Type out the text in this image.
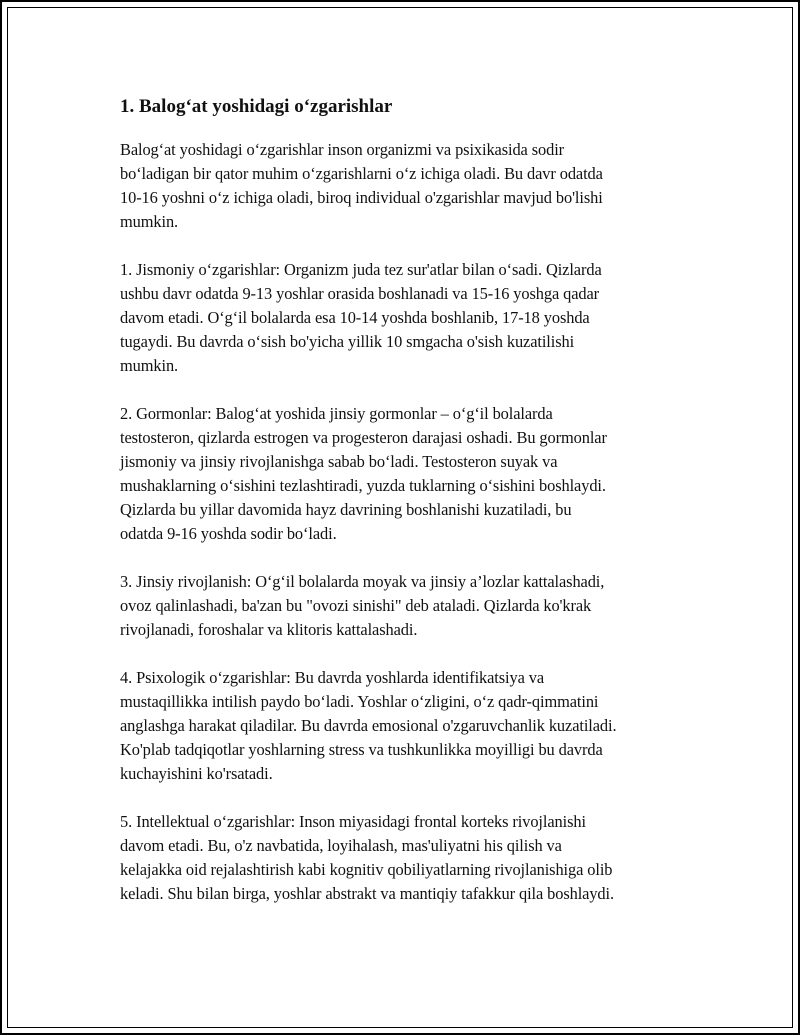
1. Balog‘at yoshidagi o‘zgarishlar

Balog‘at yoshidagi o‘zgarishlar inson organizmi va psixikasida sodir
bo‘ladigan bir qator muhim o‘zgarishlarni o‘z ichiga oladi. Bu davr odatda
10-16 yoshni o‘z ichiga oladi, biroq individual o'zgarishlar mavjud bo'lishi
mumkin.

1. Jismoniy o‘zgarishlar: Organizm juda tez sur'atlar bilan o‘sadi. Qizlarda
ushbu davr odatda 9-13 yoshlar orasida boshlanadi va 15-16 yoshga qadar
davom etadi. O‘g‘il bolalarda esa 10-14 yoshda boshlanib, 17-18 yoshda
tugaydi. Bu davrda o‘sish bo'yicha yillik 10 smgacha o'sish kuzatilishi
mumkin.

2. Gormonlar: Balog‘at yoshida jinsiy gormonlar – o‘g‘il bolalarda
testosteron, qizlarda estrogen va progesteron darajasi oshadi. Bu gormonlar
jismoniy va jinsiy rivojlanishga sabab bo‘ladi. Testosteron suyak va
mushaklarning o‘sishini tezlashtiradi, yuzda tuklarning o‘sishini boshlaydi.
Qizlarda bu yillar davomida hayz davrining boshlanishi kuzatiladi, bu
odatda 9-16 yoshda sodir bo‘ladi.

3. Jinsiy rivojlanish: O‘g‘il bolalarda moyak va jinsiy a’lozlar kattalashadi,
ovoz qalinlashadi, ba'zan bu "ovozi sinishi" deb ataladi. Qizlarda ko'krak
rivojlanadi, foroshalar va klitoris kattalashadi.

4. Psixologik o‘zgarishlar: Bu davrda yoshlarda identifikatsiya va
mustaqillikka intilish paydo bo‘ladi. Yoshlar o‘zligini, o‘z qadr-qimmatini
anglashga harakat qiladilar. Bu davrda emosional o'zgaruvchanlik kuzatiladi.
Ko'plab tadqiqotlar yoshlarning stress va tushkunlikka moyilligi bu davrda
kuchayishini ko'rsatadi.

5. Intellektual o‘zgarishlar: Inson miyasidagi frontal korteks rivojlanishi
davom etadi. Bu, o'z navbatida, loyihalash, mas'uliyatni his qilish va
kelajakka oid rejalashtirish kabi kognitiv qobiliyatlarning rivojlanishiga olib
keladi. Shu bilan birga, yoshlar abstrakt va mantiqiy tafakkur qila boshlaydi.
